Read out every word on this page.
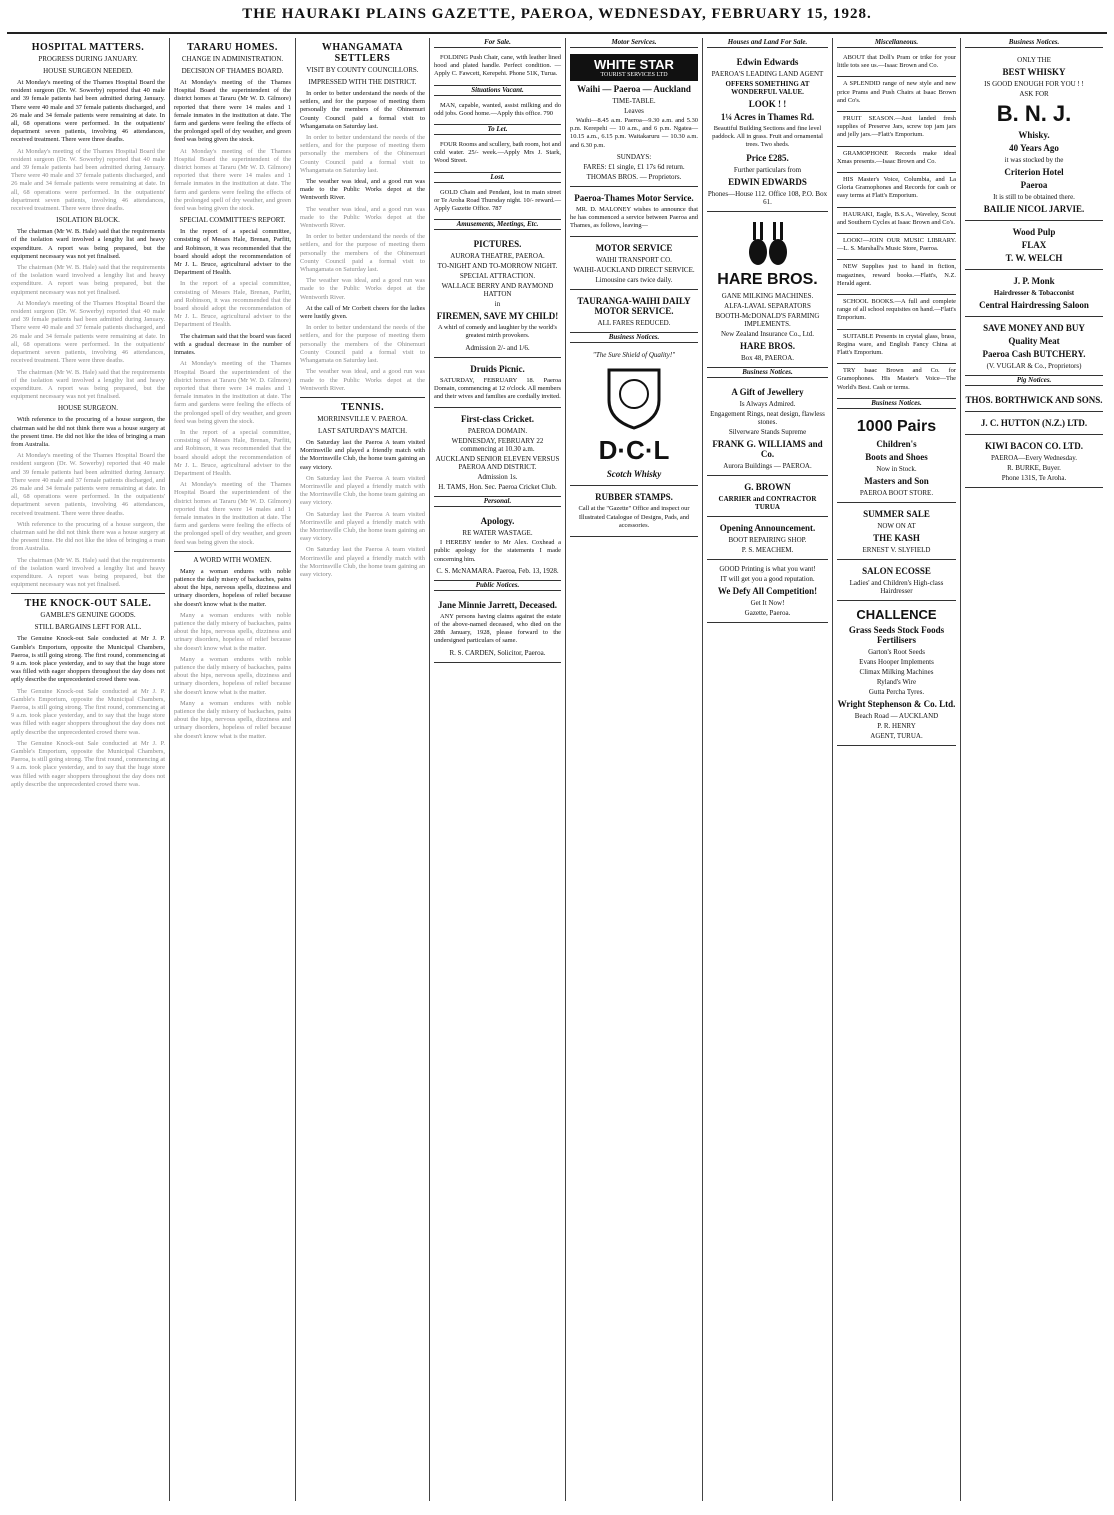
THE HAURAKI PLAINS GAZETTE, PAEROA, WEDNESDAY, FEBRUARY 15, 1928.
HOSPITAL MATTERS.
PROGRESS DURING JANUARY.
HOUSE SURGEON NEEDED.

At Monday's meeting of the Thames Hospital Board the resident surgeon (Dr. W. Sowerby) reported that 40 male and 39 female patients had been admitted during January. There were 40 male and 37 female patients discharged, and 26 male and 34 female patients were remaining at date. In all, 68 operations were performed. In the outpatients' department seven patients, involving 46 attendances, received treatment. There were three deaths.

At Monday's meeting of the Thames Hospital Board the resident surgeon (Dr. W. Sowerby) reported that 40 male and 39 female patients had been admitted during January. There were 40 male and 37 female patients discharged, and 26 male and 34 female patients were remaining at date. In all, 68 operations were performed. In the outpatients' department seven patients, involving 46 attendances, received treatment. There were three deaths.

ISOLATION BLOCK.

The chairman (Mr W. B. Hale) said that the requirements of the isolation ward involved a lengthy list and heavy expenditure. A report was being prepared, but the equipment necessary was not yet finalised.

The chairman (Mr W. B. Hale) said that the requirements of the isolation ward involved a lengthy list and heavy expenditure. A report was being prepared, but the equipment necessary was not yet finalised.

At Monday's meeting of the Thames Hospital Board the resident surgeon (Dr. W. Sowerby) reported that 40 male and 39 female patients had been admitted during January. There were 40 male and 37 female patients discharged, and 26 male and 34 female patients were remaining at date. In all, 68 operations were performed. In the outpatients' department seven patients, involving 46 attendances, received treatment. There were three deaths.

The chairman (Mr W. B. Hale) said that the requirements of the isolation ward involved a lengthy list and heavy expenditure. A report was being prepared, but the equipment necessary was not yet finalised.

HOUSE SURGEON.

With reference to the procuring of a house surgeon, the chairman said he did not think there was a house surgery at the present time. He did not like the idea of bringing a man from Australia.

At Monday's meeting of the Thames Hospital Board the resident surgeon (Dr. W. Sowerby) reported that 40 male and 39 female patients had been admitted during January. There were 40 male and 37 female patients discharged, and 26 male and 34 female patients were remaining at date. In all, 68 operations were performed. In the outpatients' department seven patients, involving 46 attendances, received treatment. There were three deaths.

With reference to the procuring of a house surgeon, the chairman said he did not think there was a house surgery at the present time. He did not like the idea of bringing a man from Australia.

The chairman (Mr W. B. Hale) said that the requirements of the isolation ward involved a lengthy list and heavy expenditure. A report was being prepared, but the equipment necessary was not yet finalised.

THE KNOCK-OUT SALE.
GAMBLE'S GENUINE GOODS.
STILL BARGAINS LEFT FOR ALL.

The Genuine Knock-out Sale conducted at Mr J. P. Gamble's Emporium, opposite the Municipal Chambers, Paeroa, is still going strong. The first round, commencing at 9 a.m. took place yesterday, and to say that the huge store was filled with eager shoppers throughout the day does not aptly describe the unprecedented crowd there was.

The Genuine Knock-out Sale conducted at Mr J. P. Gamble's Emporium, opposite the Municipal Chambers, Paeroa, is still going strong. The first round, commencing at 9 a.m. took place yesterday, and to say that the huge store was filled with eager shoppers throughout the day does not aptly describe the unprecedented crowd there was.

The Genuine Knock-out Sale conducted at Mr J. P. Gamble's Emporium, opposite the Municipal Chambers, Paeroa, is still going strong. The first round, commencing at 9 a.m. took place yesterday, and to say that the huge store was filled with eager shoppers throughout the day does not aptly describe the unprecedented crowd there was.

TARARU HOMES.
CHANGE IN ADMINISTRATION.
DECISION OF THAMES BOARD.

At Monday's meeting of the Thames Hospital Board the superintendent of the district homes at Tararu (Mr W. D. Gilmore) reported that there were 14 males and 1 female inmates in the institution at date. The farm and gardens were feeling the effects of the prolonged spell of dry weather, and green feed was being given the stock.

At Monday's meeting of the Thames Hospital Board the superintendent of the district homes at Tararu (Mr W. D. Gilmore) reported that there were 14 males and 1 female inmates in the institution at date. The farm and gardens were feeling the effects of the prolonged spell of dry weather, and green feed was being given the stock.

SPECIAL COMMITTEE'S REPORT.

In the report of a special committee, consisting of Messrs Hale, Brenan, Parfitt, and Robinson, it was recommended that the board should adopt the recommendation of Mr J. L. Bruce, agricultural adviser to the Department of Health.

In the report of a special committee, consisting of Messrs Hale, Brenan, Parfitt, and Robinson, it was recommended that the board should adopt the recommendation of Mr J. L. Bruce, agricultural adviser to the Department of Health.

The chairman said that the board was faced with a gradual decrease in the number of inmates.

At Monday's meeting of the Thames Hospital Board the superintendent of the district homes at Tararu (Mr W. D. Gilmore) reported that there were 14 males and 1 female inmates in the institution at date. The farm and gardens were feeling the effects of the prolonged spell of dry weather, and green feed was being given the stock.

In the report of a special committee, consisting of Messrs Hale, Brenan, Parfitt, and Robinson, it was recommended that the board should adopt the recommendation of Mr J. L. Bruce, agricultural adviser to the Department of Health.

At Monday's meeting of the Thames Hospital Board the superintendent of the district homes at Tararu (Mr W. D. Gilmore) reported that there were 14 males and 1 female inmates in the institution at date. The farm and gardens were feeling the effects of the prolonged spell of dry weather, and green feed was being given the stock.

A WORD WITH WOMEN.

Many a woman endures with noble patience the daily misery of backaches, pains about the hips, nervous spells, dizziness and urinary disorders, hopeless of relief because she doesn't know what is the matter.

Many a woman endures with noble patience the daily misery of backaches, pains about the hips, nervous spells, dizziness and urinary disorders, hopeless of relief because she doesn't know what is the matter.

Many a woman endures with noble patience the daily misery of backaches, pains about the hips, nervous spells, dizziness and urinary disorders, hopeless of relief because she doesn't know what is the matter.

Many a woman endures with noble patience the daily misery of backaches, pains about the hips, nervous spells, dizziness and urinary disorders, hopeless of relief because she doesn't know what is the matter.

WHANGAMATA SETTLERS
VISIT BY COUNTY COUNCILLORS.
IMPRESSED WITH THE DISTRICT.

In order to better understand the needs of the settlers, and for the purpose of meeting them personally the members of the Ohinemuri County Council paid a formal visit to Whangamata on Saturday last.

In order to better understand the needs of the settlers, and for the purpose of meeting them personally the members of the Ohinemuri County Council paid a formal visit to Whangamata on Saturday last.

The weather was ideal, and a good run was made to the Public Works depot at the Wentworth River.

The weather was ideal, and a good run was made to the Public Works depot at the Wentworth River.

In order to better understand the needs of the settlers, and for the purpose of meeting them personally the members of the Ohinemuri County Council paid a formal visit to Whangamata on Saturday last.

The weather was ideal, and a good run was made to the Public Works depot at the Wentworth River.

At the call of Mr Corbett cheers for the ladies were lustily given.

In order to better understand the needs of the settlers, and for the purpose of meeting them personally the members of the Ohinemuri County Council paid a formal visit to Whangamata on Saturday last.

The weather was ideal, and a good run was made to the Public Works depot at the Wentworth River.

TENNIS.
MORRINSVILLE V. PAEROA.
LAST SATURDAY'S MATCH.

On Saturday last the Paeroa A team visited Morrinsville and played a friendly match with the Morrinsville Club, the home team gaining an easy victory.

On Saturday last the Paeroa A team visited Morrinsville and played a friendly match with the Morrinsville Club, the home team gaining an easy victory.

On Saturday last the Paeroa A team visited Morrinsville and played a friendly match with the Morrinsville Club, the home team gaining an easy victory.

On Saturday last the Paeroa A team visited Morrinsville and played a friendly match with the Morrinsville Club, the home team gaining an easy victory.

For Sale.

FOLDING Push Chair, cane, with leather lined hood and plated handle. Perfect condition. —Apply C. Fawcett, Kerepehi. Phone 51K, Turua.

Situations Vacant.

MAN, capable, wanted, assist milking and do odd jobs. Good home.—Apply this office. 790

To Let.

FOUR Rooms and scullery, bath room, hot and cold water. 25/- week.—Apply Mrs J. Stark, Wood Street.

Lost.

GOLD Chain and Pendant, lost in main street or Te Aroha Road Thursday night. 10/- reward.—Apply Gazette Office. 787

Amusements, Meetings, Etc.
PICTURES.
AURORA THEATRE, PAEROA.
TO-NIGHT AND TO-MORROW NIGHT.
SPECIAL ATTRACTION.
WALLACE BERRY AND RAYMOND HATTON
in
FIREMEN, SAVE MY CHILD!

A whirl of comedy and laughter by the world's greatest mirth provokers.

Admission 2/- and 1/6.
Druids Picnic.

SATURDAY, FEBRUARY 18. Paeroa Domain, commencing at 12 o'clock. All members and their wives and families are cordially invited.

First-class Cricket.
PAEROA DOMAIN.
WEDNESDAY, FEBRUARY 22 commencing at 10.30 a.m.
AUCKLAND SENIOR ELEVEN VERSUS PAEROA AND DISTRICT.
Admission 1s.
H. TAMS, Hon. Sec. Paeroa Cricket Club.
Personal.
Apology.
RE WATER WASTAGE.

I HEREBY tender to Mr Alex. Coxhead a public apology for the statements I made concerning him.

C. S. McNAMARA. Paeroa, Feb. 13, 1928.
Public Notices.
Jane Minnie Jarrett, Deceased.

ANY persons having claims against the estate of the above-named deceased, who died on the 28th January, 1928, please forward to the undersigned particulars of same.

R. S. CARDEN, Solicitor, Paeroa.
Motor Services.
WHITE STAR
TOURIST SERVICES LTD
Waihi — Paeroa — Auckland
TIME-TABLE.
Leaves

Waihi—8.45 a.m. Paeroa—9.30 a.m. and 5.30 p.m. Kerepehi — 10 a.m., and 6 p.m. Ngatea—10.15 a.m., 6.15 p.m. Waitakaruru — 10.30 a.m. and 6.30 p.m.

SUNDAYS:
FARES: £1 single, £1 17s 6d return.
THOMAS BROS. — Proprietors.
Paeroa-Thames Motor Service.

MR. D. MALONEY wishes to announce that he has commenced a service between Paeroa and Thames, as follows, leaving—

MOTOR SERVICE
WAIHI TRANSPORT CO.
WAIHI-AUCKLAND DIRECT SERVICE.
Limousine cars twice daily.
TAURANGA-WAIHI DAILY MOTOR SERVICE.
ALL FARES REDUCED.
Business Notices.
"The Sure Shield of Quality!"
D·C·L
Scotch Whisky
RUBBER STAMPS.

Call at the "Gazette" Office and inspect our Illustrated Catalogue of Designs, Pads, and accessories.

Houses and Land For Sale.
Edwin Edwards
PAEROA'S LEADING LAND AGENT
OFFERS SOMETHING AT WONDERFUL VALUE.
LOOK ! !
1¼ Acres in Thames Rd.

Beautiful Building Sections and fine level paddock. All in grass. Fruit and ornamental trees. Two sheds.

Price £285.
Further particulars from
EDWIN EDWARDS
Phones—House 112. Office 108, P.O. Box 61.
HARE BROS.
GANE MILKING MACHINES.
ALFA-LAVAL SEPARATORS
BOOTH-McDONALD'S FARMING IMPLEMENTS.
New Zealand Insurance Co., Ltd.
HARE BROS.
Box 48, PAEROA.
Business Notices.
A Gift of Jewellery
Is Always Admired.
Engagement Rings, neat design, flawless stones.
Silverware Stands Supreme
FRANK G. WILLIAMS and Co.
Aurora Buildings — PAEROA.
G. BROWN
CARRIER and CONTRACTOR TURUA
Opening Announcement.
BOOT REPAIRING SHOP.
P. S. MEACHEM.
GOOD Printing is what you want!
IT will get you a good reputation.
We Defy All Competition!
Get It Now!
Gazette, Paeroa.
Miscellaneous.

ABOUT that Doll's Pram or trike for your little tots see us.—Isaac Brown and Co.

A SPLENDID range of new style and new price Prams and Push Chairs at Isaac Brown and Co's.

FRUIT SEASON.—Just landed fresh supplies of Preserve Jars, screw top jam jars and jelly jars.—Flatt's Emporium.

GRAMOPHONE Records make ideal Xmas presents.—Isaac Brown and Co.

HIS Master's Voice, Columbia, and La Gloria Gramophones and Records for cash or easy terms at Flatt's Emporium.

HAURAKI, Eagle, B.S.A., Waveley, Scout and Southern Cycles at Isaac Brown and Co's.

LOOK!—JOIN OUR MUSIC LIBRARY.—L. S. Marshall's Music Store, Paeroa.

NEW Supplies just to hand in fiction, magazines, reward books.—Flatt's, N.Z. Herald agent.

SCHOOL BOOKS.—A full and complete range of all school requisites on hand.—Flatt's Emporium.

SUITABLE Presents in crystal glass, brass, Regina ware, and English Fancy China at Flatt's Emporium.

TRY Isaac Brown and Co. for Gramophones. His Master's Voice—The World's Best. Cash or terms.

Business Notices.
1000 Pairs
Children's
Boots and Shoes
Now in Stock.
Masters and Son
PAEROA BOOT STORE.
SUMMER SALE
NOW ON AT
THE KASH
ERNEST V. SLYFIELD
SALON ECOSSE
Ladies' and Children's High-class Hairdresser
CHALLENCE
Grass Seeds Stock Foods Fertilisers
Garton's Root Seeds
Evans Hooper Implements
Climax Milking Machines
Ryland's Wire
Gutta Percha Tyres.
Wright Stephenson & Co. Ltd.
Beach Road — AUCKLAND
P. R. HENRY
AGENT, TURUA.
Business Notices.
ONLY THE
BEST WHISKY
IS GOOD ENOUGH FOR YOU ! !
ASK FOR
B. N. J.
Whisky.
40 Years Ago
it was stocked by the
Criterion Hotel
Paeroa
It is still to be obtained there.
BAILIE NICOL JARVIE.
Wood Pulp
FLAX
T. W. WELCH
J. P. Monk
Hairdresser & Tobacconist
Central Hairdressing Saloon
SAVE MONEY AND BUY
Quality Meat
Paeroa Cash BUTCHERY.
(V. VUGLAR & Co., Proprietors)
Pig Notices.
THOS. BORTHWICK AND SONS.
J. C. HUTTON (N.Z.) LTD.
KIWI BACON CO. LTD.
PAEROA—Every Wednesday.
R. BURKE, Buyer.
Phone 131S, Te Aroha.
